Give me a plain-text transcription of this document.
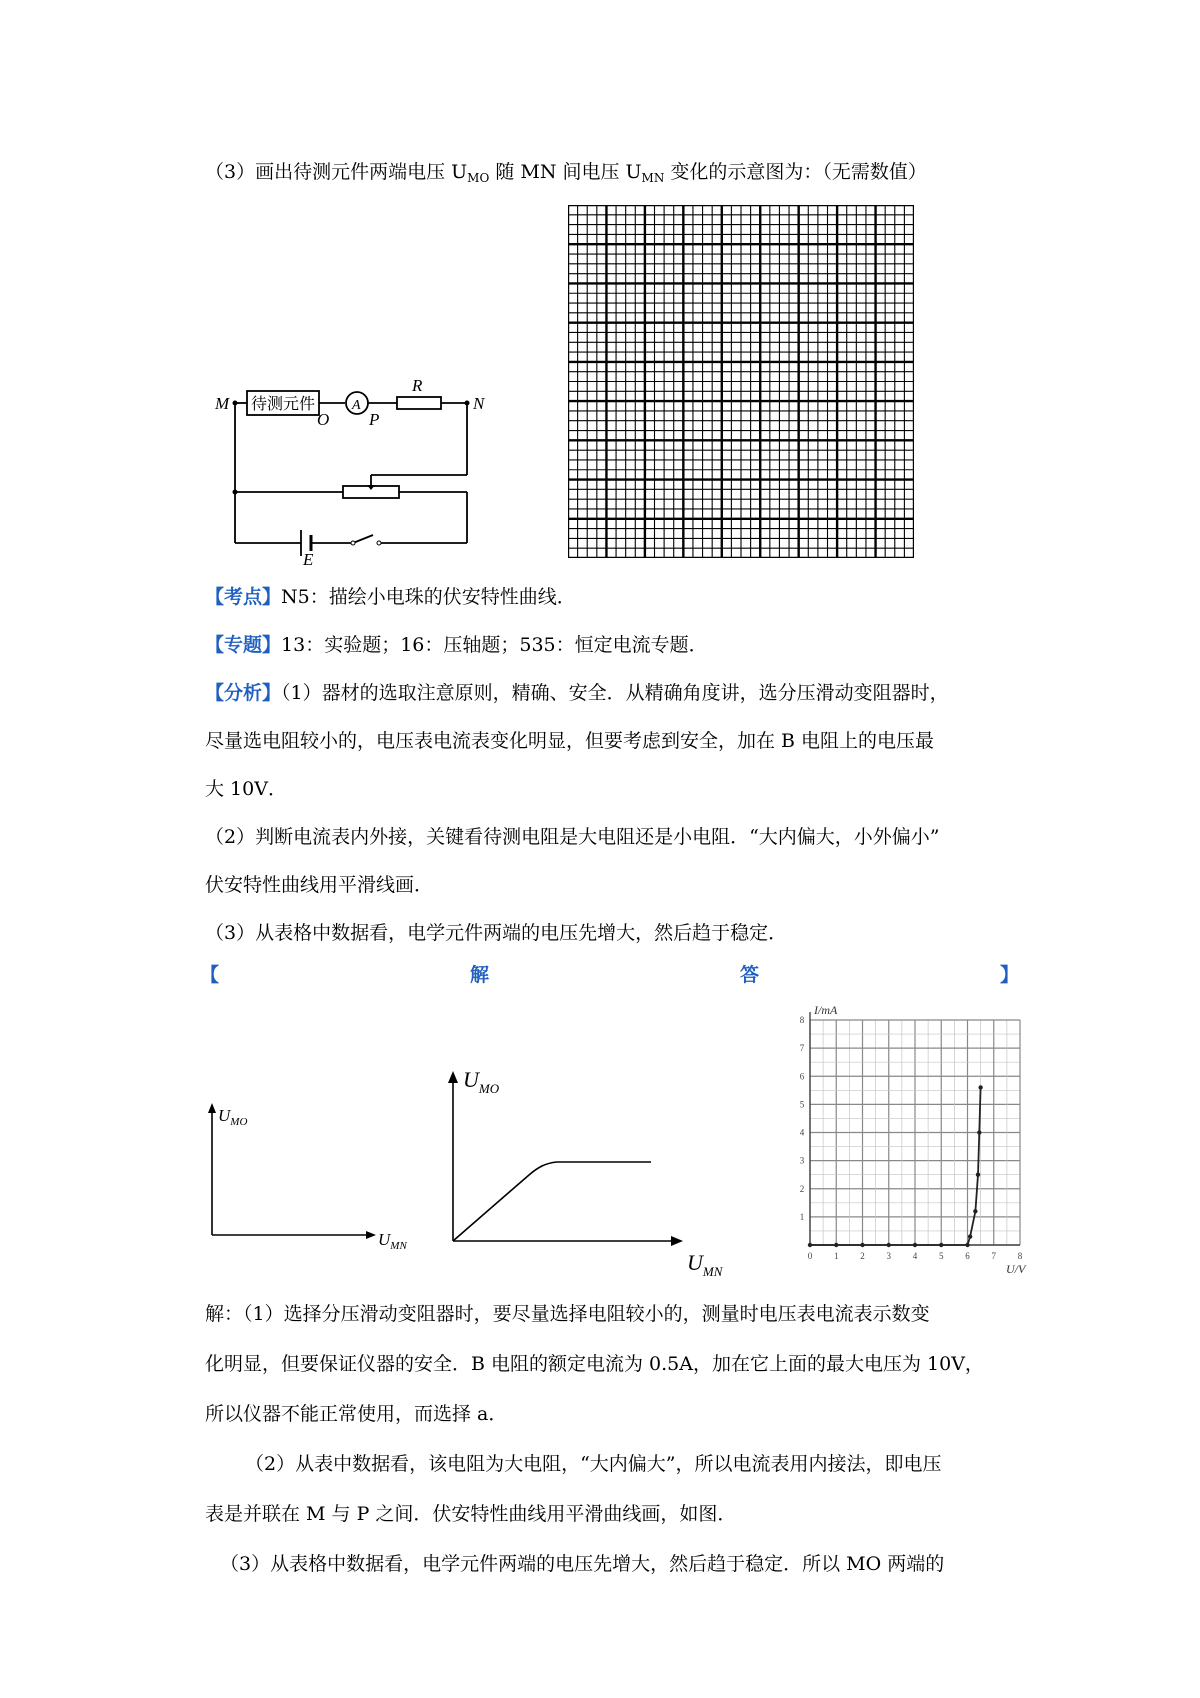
（3）画出待测元件两端电压 $U_{MO}$ 随 MN 间电压 $U_{MN}$ 变化的示意图为：（无需数值）
M 待测元件
O
A
P
R
N
E
【考点】N5：描绘小电珠的伏安特性曲线．
【专题】13：实验题；16：压轴题；535：恒定电流专题．
【分析】（1）器材的选取注意原则，精确、安全．从精确角度讲，选分压滑动变阻器时，
尽量选电阻较小的，电压表电流表变化明显，但要考虑到安全，加在 B 电阻上的电压最
大 10V．
（2）判断电流表内外接，关键看待测电阻是大电阻还是小电阻．“大内偏大，小外偏小”
伏安特性曲线用平滑线画．
（3）从表格中数据看，电学元件两端的电压先增大，然后趋于稳定．
【	解	答	】
$U_{MO}$
$U_{MN}$
$U_{MO}$
$U_{MN}$
0 1 2 3 4 5 6 7 8
1
2
3
4
5
6
7
8
I/mA
U/V
解：（1）选择分压滑动变阻器时，要尽量选择电阻较小的，测量时电压表电流表示数变
化明显，但要保证仪器的安全．B 电阻的额定电流为 0.5A，加在它上面的最大电压为 10V，
所以仪器不能正常使用，而选择 a．
（2）从表中数据看，该电阻为大电阻，“大内偏大”，所以电流表用内接法，即电压
表是并联在 M 与 P 之间．伏安特性曲线用平滑曲线画，如图．
（3）从表格中数据看，电学元件两端的电压先增大，然后趋于稳定．所以 MO 两端的
